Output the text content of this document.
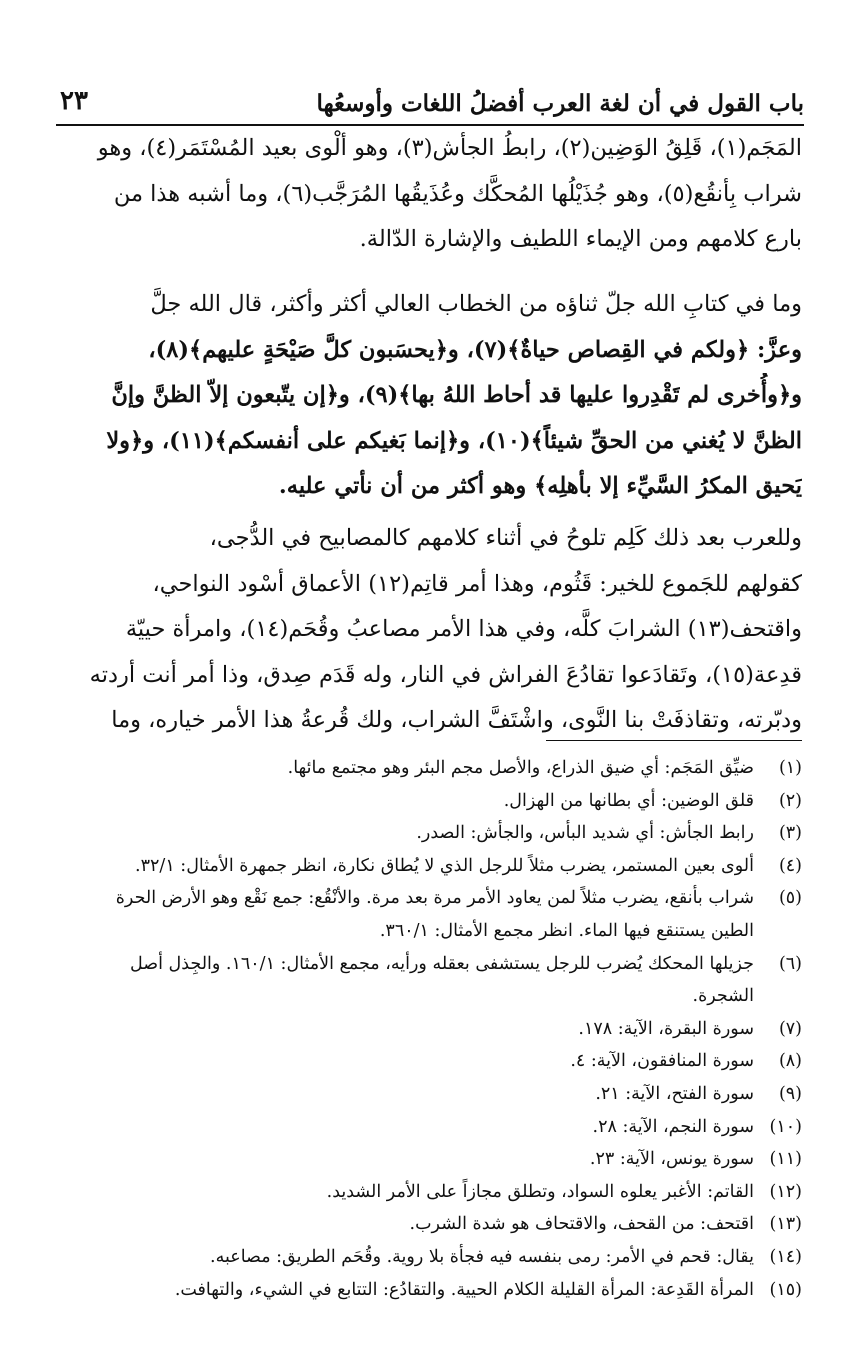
باب القول في أن لغة العرب أفضلُ اللغات وأوسعُها
٢٣
المَجَم(١)، قَلِقُ الوَضِين(٢)، رابطُ الجأش(٣)، وهو ألْوى بعيد المُسْتَمَر(٤)، وهو
شراب بِأنقُع(٥)، وهو جُذَيْلُها المُحكَّك وعُذَيقُها المُرَجَّب(٦)، وما أشبه هذا من
بارع كلامهم ومن الإيماء اللطيف والإشارة الدّالة.
وما في كتابِ الله جلّ ثناؤه من الخطاب العالي أكثر وأكثر، قال الله جلَّ
وعزَّ: ﴿ولكم في القِصاص حياةٌ﴾(٧)، و﴿يحسَبون كلَّ صَيْحَةٍ عليهم﴾(٨)،
و﴿وأُخرى لم تَقْدِروا عليها قد أحاط اللهُ بها﴾(٩)، و﴿إن يتّبعون إلاّ الظنَّ وإنَّ
الظنَّ لا يُغني من الحقِّ شيئاً﴾(١٠)، و﴿إنما بَغيكم على أنفسكم﴾(١١)، و﴿ولا
يَحيق المكرُ السَّيِّء إلا بأهلِه﴾ وهو أكثر من أن نأتي عليه.
وللعرب بعد ذلك كَلِم تلوحُ في أثناء كلامهم كالمصابيح في الدُّجى،
كقولهم للجَموع للخير: قَثُوم، وهذا أمر قاتِم(١٢) الأعماق أسْود النواحي،
واقتحف(١٣) الشرابَ كلَّه، وفي هذا الأمر مصاعبُ وقُحَم(١٤)، وامرأة حييّة
قدِعة(١٥)، وتَقادَعوا تقادُعَ الفراش في النار، وله قَدَم صِدق، وذا أمر أنت أردته
ودبّرته، وتقاذفَتْ بنا النَّوى، واشْتَفَّ الشراب، ولك قُرعةُ هذا الأمر خياره، وما
(١)
ضيِّق المَجَم: أي ضيق الذراع، والأصل مجم البئر وهو مجتمع مائها.
(٢)
قلق الوضين: أي بطانها من الهزال.
(٣)
رابط الجأش: أي شديد البأس، والجأش: الصدر.
(٤)
ألوى بعين المستمر، يضرب مثلاً للرجل الذي لا يُطاق نكارة، انظر جمهرة الأمثال: ٣٢/١.
(٥)
شراب بأنقع، يضرب مثلاً لمن يعاود الأمر مرة بعد مرة. والأنْقُع: جمع نَقْع وهو الأرض الحرة
الطين يستنقع فيها الماء. انظر مجمع الأمثال: ٣٦٠/١.
(٦)
جزيلها المحكك يُضرب للرجل يستشفى بعقله ورأيه، مجمع الأمثال: ١٦٠/١. والجِذل أصل
الشجرة.
(٧)
سورة البقرة، الآية: ١٧٨.
(٨)
سورة المنافقون، الآية: ٤.
(٩)
سورة الفتح، الآية: ٢١.
(١٠)
سورة النجم، الآية: ٢٨.
(١١)
سورة يونس، الآية: ٢٣.
(١٢)
القاتم: الأغبر يعلوه السواد، وتطلق مجازاً على الأمر الشديد.
(١٣)
اقتحف: من القحف، والاقتحاف هو شدة الشرب.
(١٤)
يقال: قحم في الأمر: رمى بنفسه فيه فجأة بلا روية. وقُحَم الطريق: مصاعبه.
(١٥)
المرأة القَدِعة: المرأة القليلة الكلام الحيية. والتقادُع: التتابع في الشيء، والتهافت.
